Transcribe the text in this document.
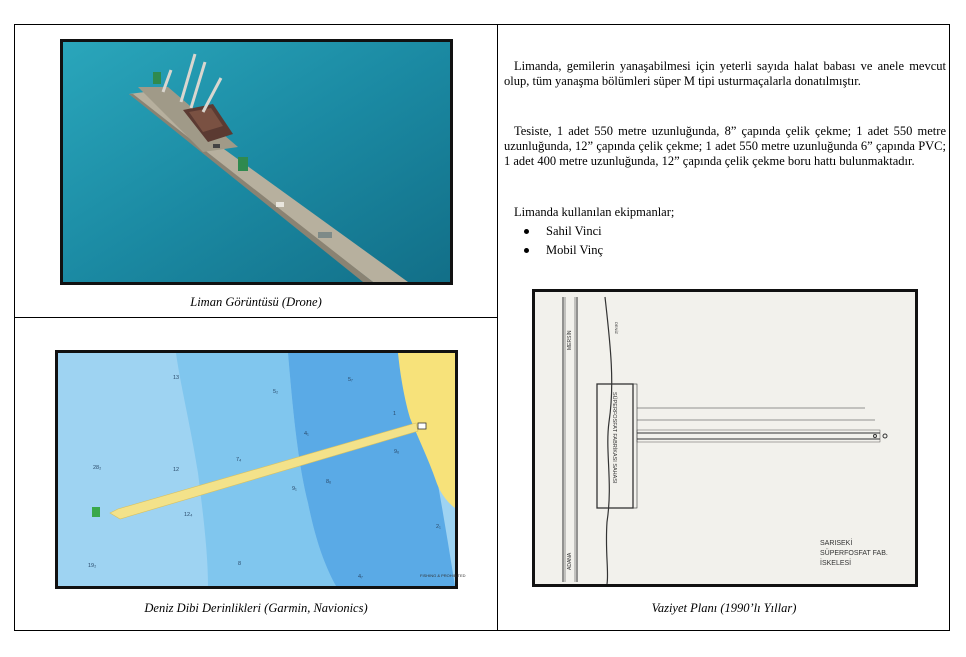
Liman Görüntüsü (Drone)
13
5₂
5₇
1
28₂	12
7₄
4₁
8₆
9₆
12₄
9₁
2₁
19₂	8
4₇	FISHING & PROHIBITED
Deniz Dibi Derinlikleri (Garmin, Navionics)

Limanda, gemilerin yanaşabilmesi için yeterli sayıda halat babası ve anele mevcut olup, tüm yanaşma bölümleri süper M tipi usturmaçalarla donatılmıştır.

Tesiste, 1 adet 550 metre uzunluğunda, 8” çapında çelik çekme; 1 adet 550 metre uzunluğunda, 12” çapında çelik çekme; 1 adet 550 metre uzunluğunda 6” çapında PVC; 1 adet 400 metre uzunluğunda, 12” çapında çelik çekme boru hattı bulunmaktadır.

Limanda kullanılan ekipmanlar;

Sahil Vinci
Mobil Vinç
MERSİN
ADANA
DENİZ
SÜPERFOSFAT FABRİKASI SAHASI
SARISEKİ
SÜPERFOSFAT FAB.
İSKELESİ
Vaziyet Planı (1990’lı Yıllar)
